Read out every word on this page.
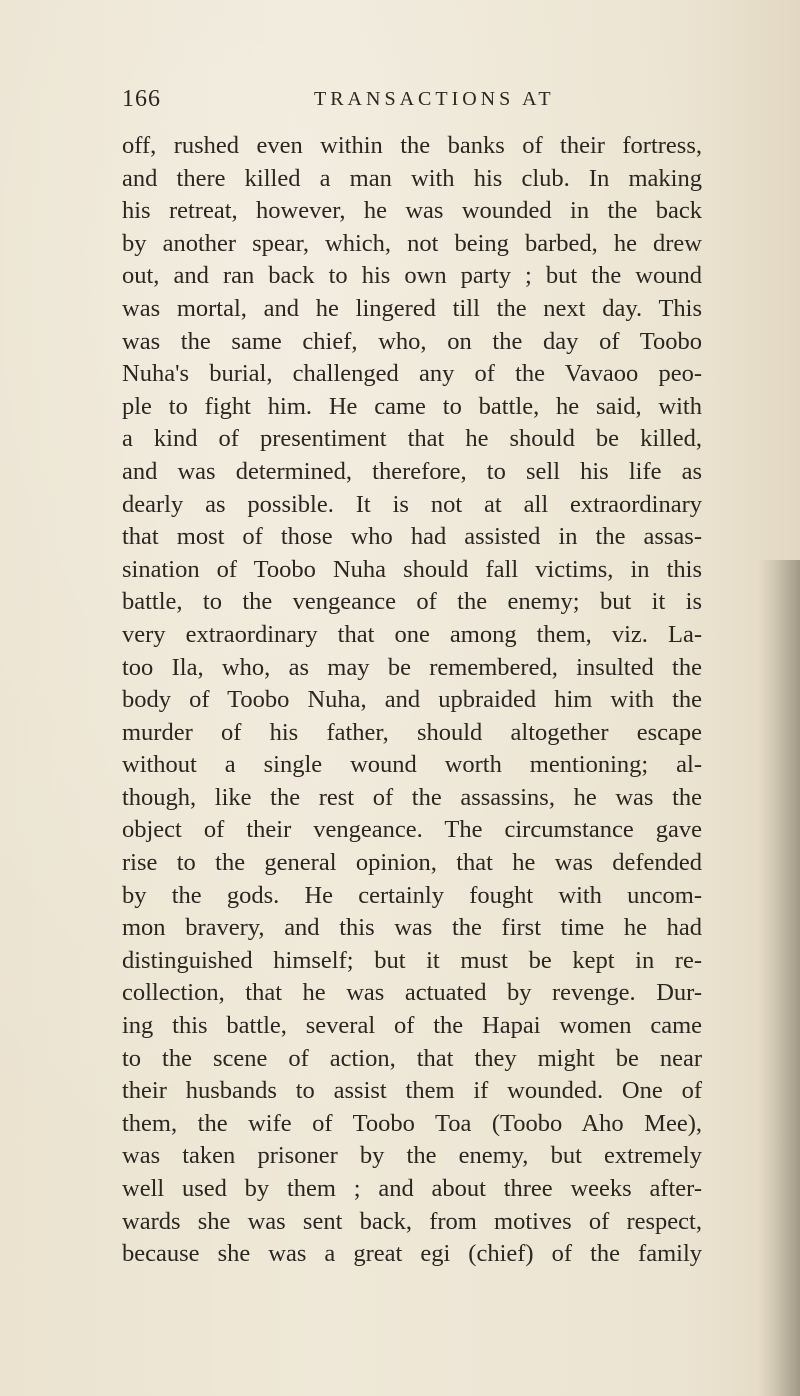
166	TRANSACTIONS AT
off, rushed even within the banks of their fortress,
and there killed a man with his club. In making
his retreat, however, he was wounded in the back
by another spear, which, not being barbed, he drew
out, and ran back to his own party ; but the wound
was mortal, and he lingered till the next day. This
was the same chief, who, on the day of Toobo
Nuha's burial, challenged any of the Vavaoo peo-
ple to fight him. He came to battle, he said, with
a kind of presentiment that he should be killed,
and was determined, therefore, to sell his life as
dearly as possible. It is not at all extraordinary
that most of those who had assisted in the assas-
sination of Toobo Nuha should fall victims, in this
battle, to the vengeance of the enemy; but it is
very extraordinary that one among them, viz. La-
too Ila, who, as may be remembered, insulted the
body of Toobo Nuha, and upbraided him with the
murder of his father, should altogether escape
without a single wound worth mentioning; al-
though, like the rest of the assassins, he was the
object of their vengeance. The circumstance gave
rise to the general opinion, that he was defended
by the gods. He certainly fought with uncom-
mon bravery, and this was the first time he had
distinguished himself; but it must be kept in re-
collection, that he was actuated by revenge. Dur-
ing this battle, several of the Hapai women came
to the scene of action, that they might be near
their husbands to assist them if wounded. One of
them, the wife of Toobo Toa (Toobo Aho Mee),
was taken prisoner by the enemy, but extremely
well used by them ; and about three weeks after-
wards she was sent back, from motives of respect,
because she was a great egi (chief) of the family
